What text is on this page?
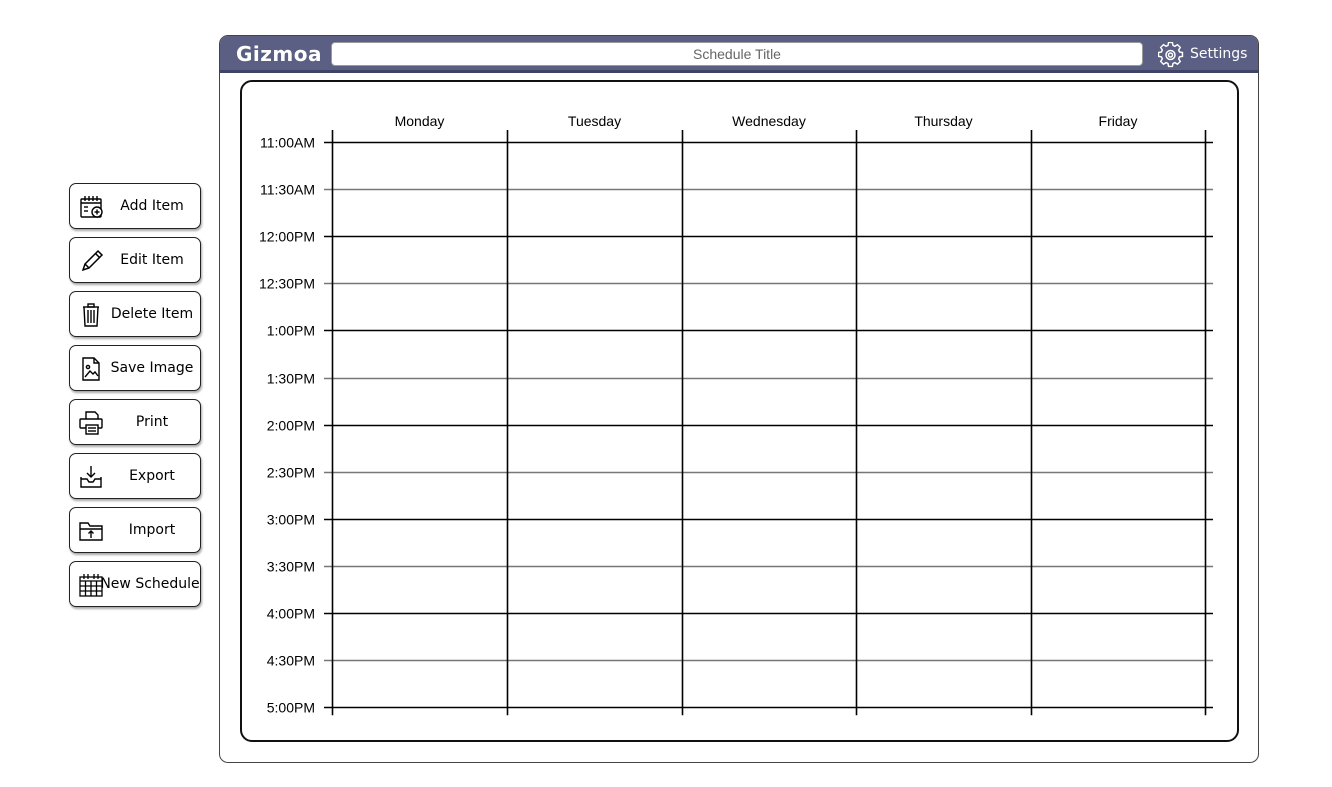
Add Item
Edit Item
Delete Item
Save Image
Print
Export
Import
New Schedule
Gizmoa
Schedule Title	Settings
11:00AM
11:30AM
12:00PM
12:30PM
1:00PM
1:30PM
2:00PM
2:30PM
3:00PM
3:30PM
4:00PM
4:30PM
5:00PM
Monday	Tuesday	Wednesday	Thursday	Friday
